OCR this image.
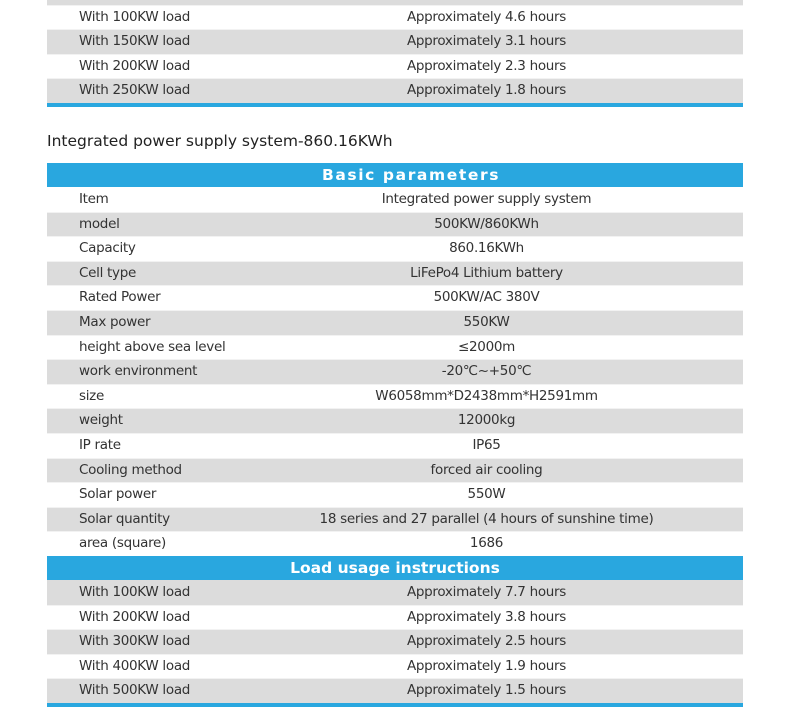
With 100KW load	Approximately 4.6 hours
With 150KW load	Approximately 3.1 hours
With 200KW load	Approximately 2.3 hours
With 250KW load	Approximately 1.8 hours
Integrated power supply system-860.16KWh
Basic parameters
Item	Integrated power supply system
model	500KW/860KWh
Capacity	860.16KWh
Cell type	LiFePo4 Lithium battery
Rated Power	500KW/AC 380V
Max power	550KW
height above sea level	≤2000m
work environment	-20℃~+50℃
size	W6058mm*D2438mm*H2591mm
weight	12000kg
IP rate	IP65
Cooling method	forced air cooling
Solar power	550W
Solar quantity	18 series and 27 parallel (4 hours of sunshine time)
area (square)	1686
Load usage instructions
With 100KW load	Approximately 7.7 hours
With 200KW load	Approximately 3.8 hours
With 300KW load	Approximately 2.5 hours
With 400KW load	Approximately 1.9 hours
With 500KW load	Approximately 1.5 hours
